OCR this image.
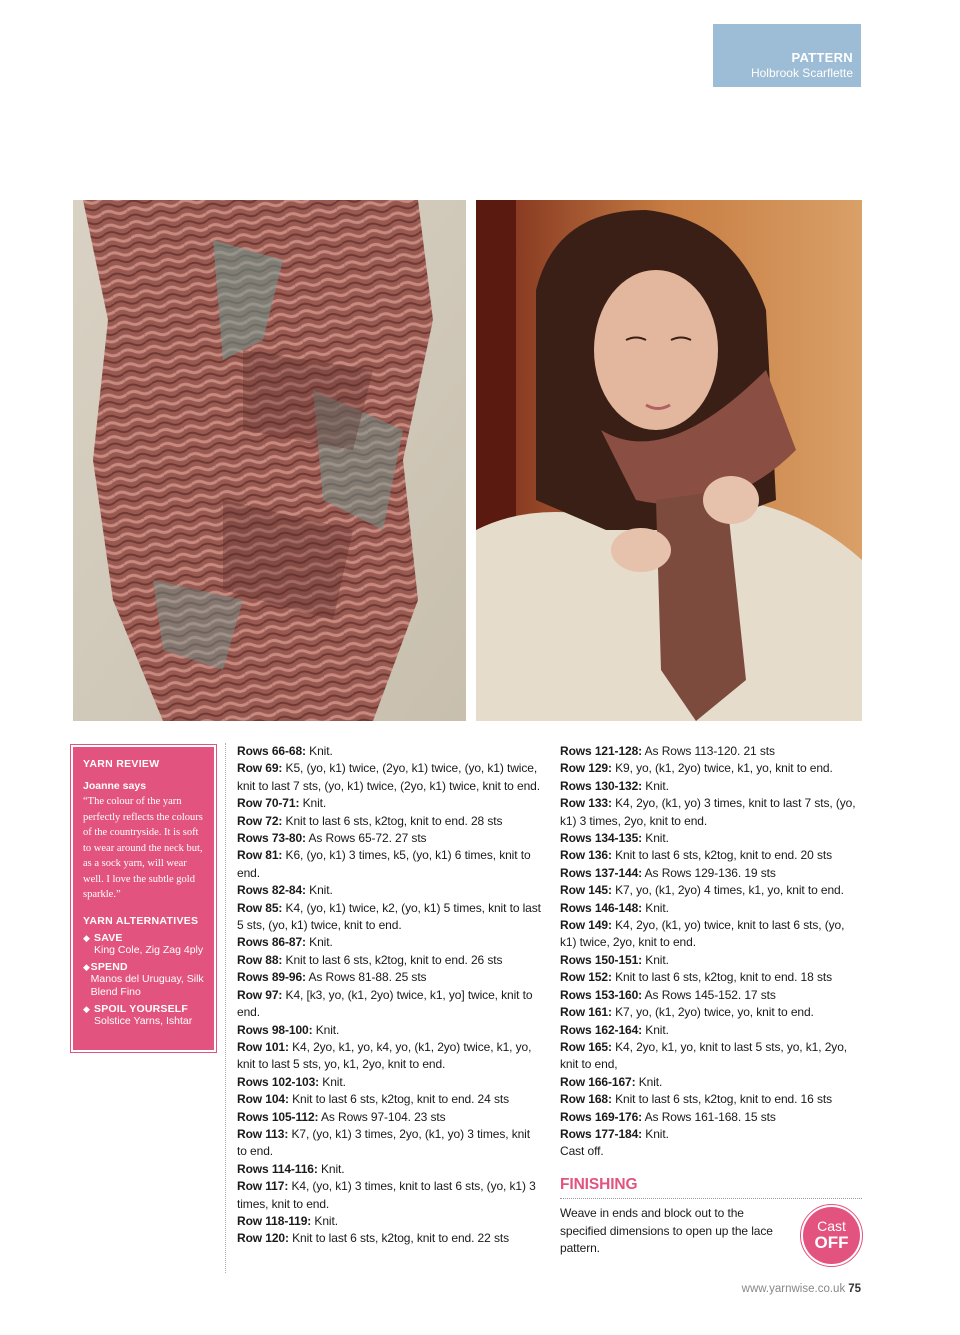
PATTERN
Holbrook Scarflette
YARN REVIEW
Joanne says
“The colour of the yarn perfectly reflects the colours of the countryside. It is soft to wear around the neck but, as a sock yarn, will wear well. I love the subtle gold sparkle.”
YARN ALTERNATIVES
◆ SAVE
King Cole, Zig Zag 4ply
◆ SPEND
Manos del Uruguay, Silk Blend Fino
◆ SPOIL YOURSELF
Solstice Yarns, Ishtar

Rows 66-68: Knit.

Row 69: K5, (yo, k1) twice, (2yo, k1) twice, (yo, k1) twice, knit to last 7 sts, (yo, k1) twice, (2yo, k1) twice, knit to end.

Row 70-71: Knit.

Row 72: Knit to last 6 sts, k2tog, knit to end. 28 sts

Rows 73-80: As Rows 65-72. 27 sts

Row 81: K6, (yo, k1) 3 times, k5, (yo, k1) 6 times, knit to end.

Rows 82-84: Knit.

Row 85: K4, (yo, k1) twice, k2, (yo, k1) 5 times, knit to last 5 sts, (yo, k1) twice, knit to end.

Rows 86-87: Knit.

Row 88: Knit to last 6 sts, k2tog, knit to end. 26 sts

Rows 89-96: As Rows 81-88. 25 sts

Row 97: K4, [k3, yo, (k1, 2yo) twice, k1, yo] twice, knit to end.

Rows 98-100: Knit.

Row 101: K4, 2yo, k1, yo, k4, yo, (k1, 2yo) twice, k1, yo, knit to last 5 sts, yo, k1, 2yo, knit to end.

Rows 102-103: Knit.

Row 104: Knit to last 6 sts, k2tog, knit to end. 24 sts

Rows 105-112: As Rows 97-104. 23 sts

Row 113: K7, (yo, k1) 3 times, 2yo, (k1, yo) 3 times, knit to end.

Rows 114-116: Knit.

Row 117: K4, (yo, k1) 3 times, knit to last 6 sts, (yo, k1) 3 times, knit to end.

Row 118-119: Knit.

Row 120: Knit to last 6 sts, k2tog, knit to end. 22 sts

Rows 121-128: As Rows 113-120. 21 sts

Row 129: K9, yo, (k1, 2yo) twice, k1, yo, knit to end.

Rows 130-132: Knit.

Row 133: K4, 2yo, (k1, yo) 3 times, knit to last 7 sts, (yo, k1) 3 times, 2yo, knit to end.

Rows 134-135: Knit.

Row 136: Knit to last 6 sts, k2tog, knit to end. 20 sts

Rows 137-144: As Rows 129-136. 19 sts

Row 145: K7, yo, (k1, 2yo) 4 times, k1, yo, knit to end.

Rows 146-148: Knit.

Row 149: K4, 2yo, (k1, yo) twice, knit to last 6 sts, (yo, k1) twice, 2yo, knit to end.

Rows 150-151: Knit.

Row 152: Knit to last 6 sts, k2tog, knit to end. 18 sts

Rows 153-160: As Rows 145-152. 17 sts

Row 161: K7, yo, (k1, 2yo) twice, yo, knit to end.

Rows 162-164: Knit.

Row 165: K4, 2yo, k1, yo, knit to last 5 sts, yo, k1, 2yo, knit to end,

Row 166-167: Knit.

Row 168: Knit to last 6 sts, k2tog, knit to end. 16 sts

Rows 169-176: As Rows 161-168. 15 sts

Rows 177-184: Knit.

Cast off.

FINISHING
Weave in ends and block out to the specified dimensions to open up the lace pattern.
Cast
OFF
www.yarnwise.co.uk 75
